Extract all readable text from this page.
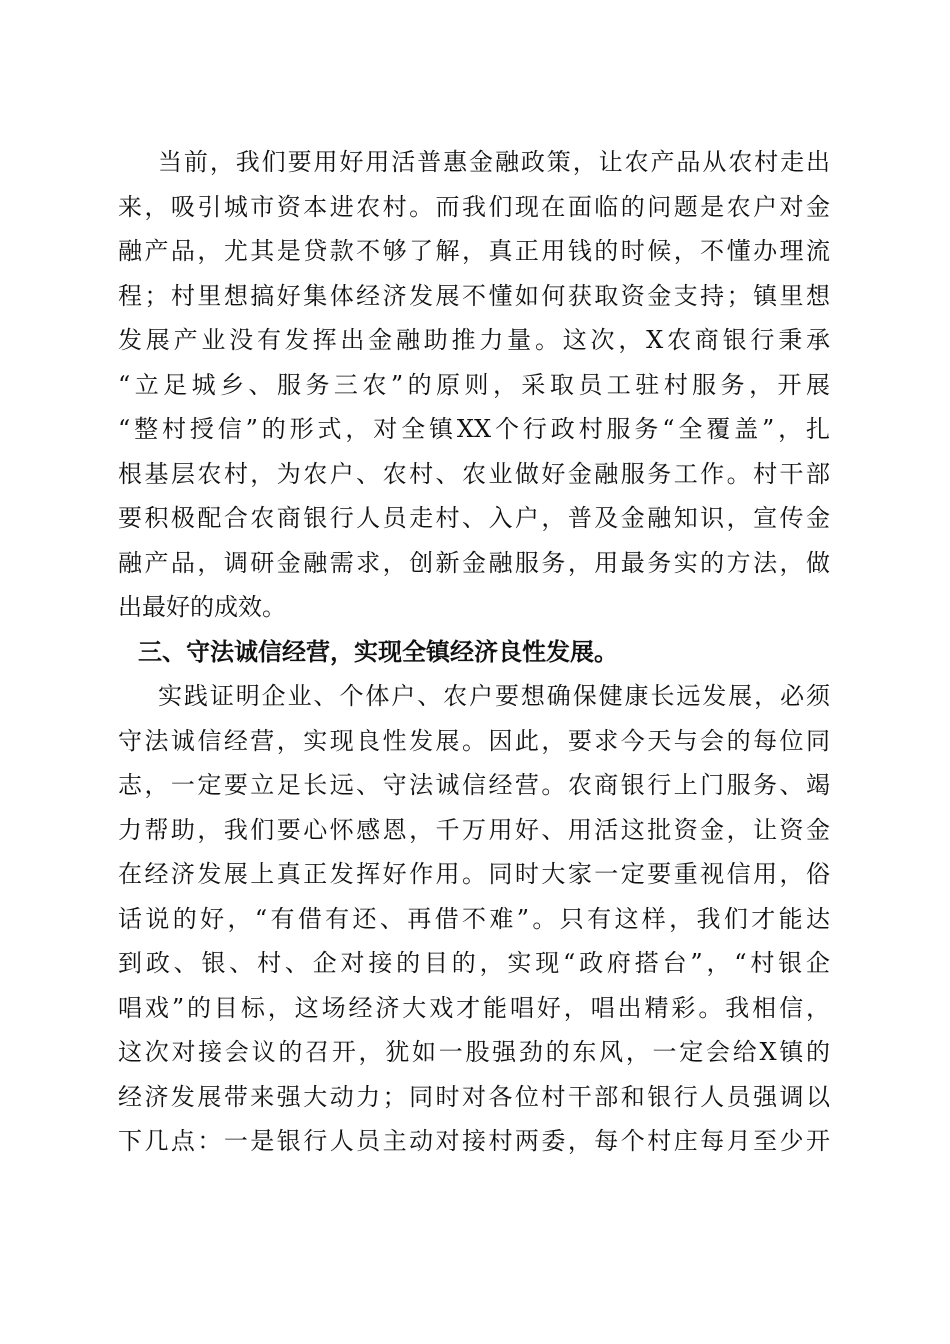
当前，我们要用好用活普惠金融政策，让农产品从农村走出
来，吸引城市资本进农村。而我们现在面临的问题是农户对金
融产品，尤其是贷款不够了解，真正用钱的时候，不懂办理流
程；村里想搞好集体经济发展不懂如何获取资金支持；镇里想
发展产业没有发挥出金融助推力量。这次，X农商银行秉承
“立足城乡、服务三农”的原则，采取员工驻村服务，开展
“整村授信”的形式，对全镇XX个行政村服务“全覆盖”，扎
根基层农村，为农户、农村、农业做好金融服务工作。村干部
要积极配合农商银行人员走村、入户，普及金融知识，宣传金
融产品，调研金融需求，创新金融服务，用最务实的方法，做
出最好的成效。
三、守法诚信经营，实现全镇经济良性发展。
实践证明企业、个体户、农户要想确保健康长远发展，必须
守法诚信经营，实现良性发展。因此，要求今天与会的每位同
志，一定要立足长远、守法诚信经营。农商银行上门服务、竭
力帮助，我们要心怀感恩，千万用好、用活这批资金，让资金
在经济发展上真正发挥好作用。同时大家一定要重视信用，俗
话说的好，“有借有还、再借不难”。只有这样，我们才能达
到政、银、村、企对接的目的，实现“政府搭台”，“村银企
唱戏”的目标，这场经济大戏才能唱好，唱出精彩。我相信，
这次对接会议的召开，犹如一股强劲的东风，一定会给X镇的
经济发展带来强大动力；同时对各位村干部和银行人员强调以
下几点：一是银行人员主动对接村两委，每个村庄每月至少开
